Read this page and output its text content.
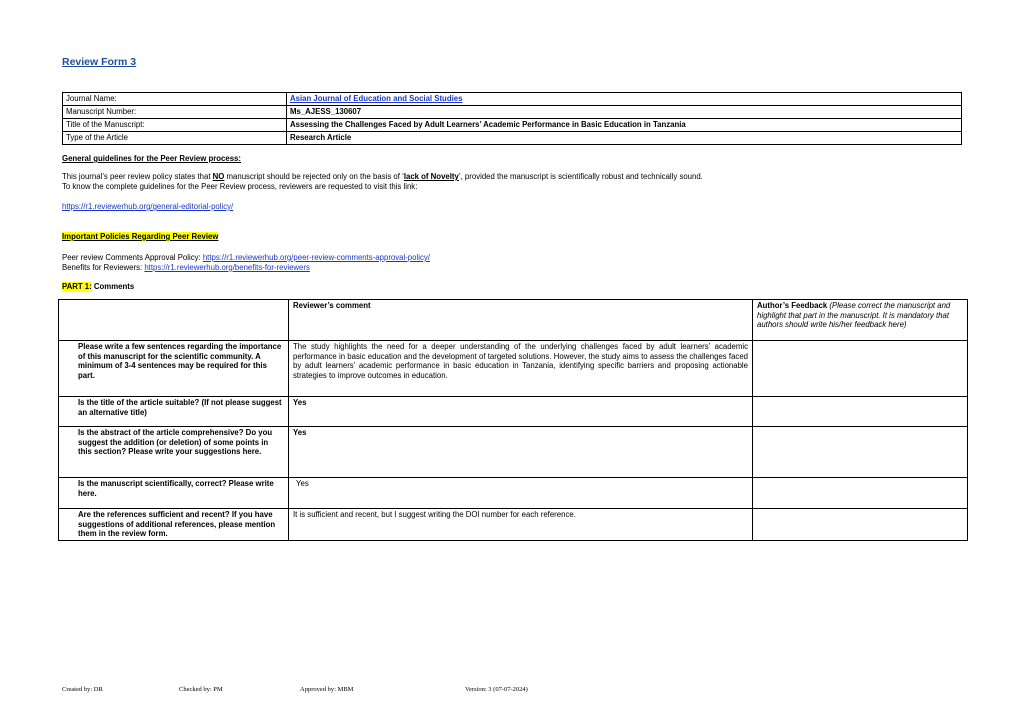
Review Form 3
Journal Name:	Asian Journal of Education and Social Studies
Manuscript Number:	Ms_AJESS_130607
Title of the Manuscript:	Assessing the Challenges Faced by Adult Learners’ Academic Performance in Basic Education in Tanzania
Type of the Article	Research Article
General guidelines for the Peer Review process:
This journal’s peer review policy states that NO manuscript should be rejected only on the basis of ‘lack of Novelty’, provided the manuscript is scientifically robust and technically sound.
To know the complete guidelines for the Peer Review process, reviewers are requested to visit this link:
https://r1.reviewerhub.org/general-editorial-policy/
Important Policies Regarding Peer Review
Peer review Comments Approval Policy: https://r1.reviewerhub.org/peer-review-comments-approval-policy/
Benefits for Reviewers: https://r1.reviewerhub.org/benefits-for-reviewers
PART 1: Comments
	Reviewer’s comment	Author’s Feedback (Please correct the manuscript and highlight that part in the manuscript. It is mandatory that authors should write his/her feedback here)
Please write a few sentences regarding the importance of this manuscript for the scientific community. A minimum of 3-4 sentences may be required for this part.	The study highlights the need for a deeper understanding of the underlying challenges faced by adult learners’ academic performance in basic education and the development of targeted solutions. However, the study aims to assess the challenges faced by adult learners’ academic performance in basic education in Tanzania, identifying specific barriers and proposing actionable strategies to improve outcomes in education.	
Is the title of the article suitable? (If not please suggest an alternative title)	Yes	
Is the abstract of the article comprehensive? Do you suggest the addition (or deletion) of some points in this section? Please write your suggestions here.	Yes	
Is the manuscript scientifically, correct? Please write here.	Yes	
Are the references sufficient and recent? If you have suggestions of additional references, please mention them in the review form.	It is sufficient and recent, but I suggest writing the DOI number for each reference.	
Created by: DR	Checked by: PM	Approved by: MBM	Version: 3 (07-07-2024)
